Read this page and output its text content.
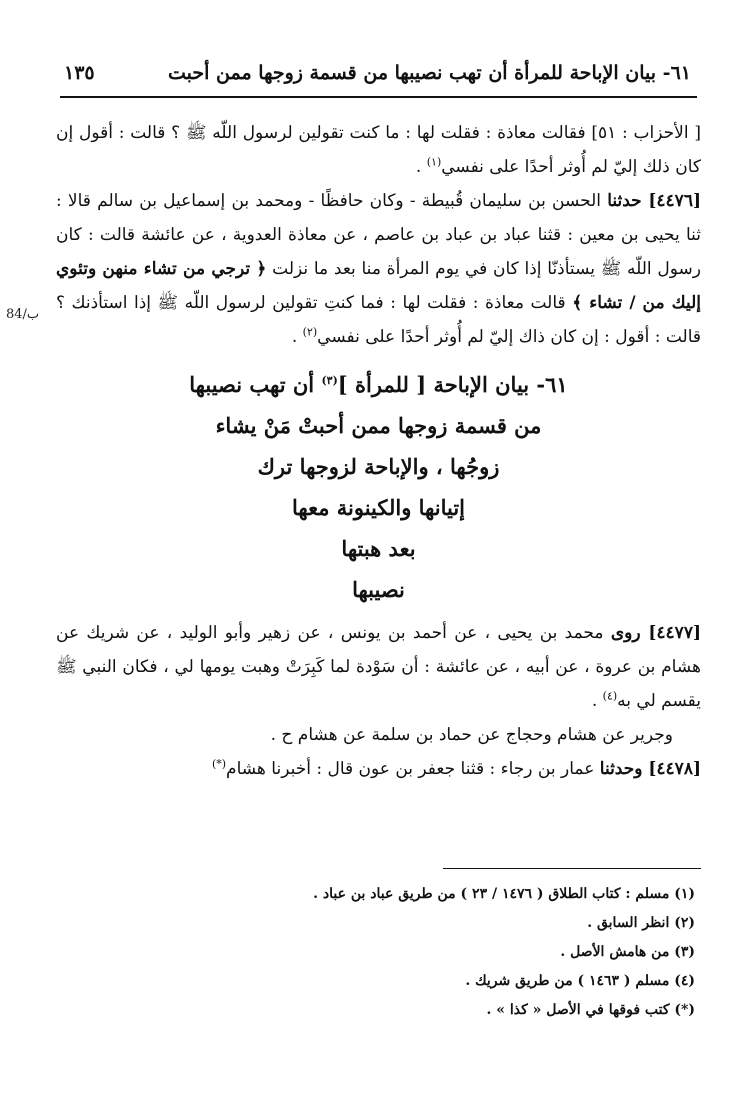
٦١- بيان الإباحة للمرأة أن تهب نصيبها من قسمة زوجها ممن أحبت
١٣٥
84/ب

[ الأحزاب : ٥١] فقالت معاذة : فقلت لها : ما كنت تقولين لرسول اللّه ﷺ ؟ قالت : أقول إن كان ذلك إليّ لم أُوثر أحدًا على نفسي$^{(١)}$ .

[٤٤٧٦] حدثنا الحسن بن سليمان قُبيطة - وكان حافظًا - ومحمد بن إسماعيل بن سالم قالا : ثنا يحيى بن معين : قثنا عباد بن عباد بن عاصم ، عن معاذة العدوية ، عن عائشة قالت : كان رسول اللّه ﷺ يستأذنّا إذا كان في يوم المرأة منا بعد ما نزلت ﴿ ترجي من تشاء منهن وتئوي إليك من / تشاء ﴾ قالت معاذة : فقلت لها : فما كنتِ تقولين لرسول اللّه ﷺ إذا استأذنك ؟ قالت : أقول : إن كان ذاك إليّ لم أُوثر أحدًا على نفسي$^{(٢)}$ .

٦١- بيان الإباحة [ للمرأة ]$^{(٣)}$ أن تهب نصيبها
من قسمة زوجها ممن أحبتْ مَنْ يشاء
زوجُها ، والإباحة لزوجها ترك
إتيانها والكينونة معها
بعد هبتها
نصيبها

[٤٤٧٧] روى محمد بن يحيى ، عن أحمد بن يونس ، عن زهير وأبو الوليد ، عن شريك عن هشام بن عروة ، عن أبيه ، عن عائشة : أن سَوْدة لما كَبِرَتْ وهبت يومها لي ، فكان النبي ﷺ يقسم لي به$^{(٤)}$ .

وجرير عن هشام وحجاج عن حماد بن سلمة عن هشام ح .

[٤٤٧٨] وحدثنا عمار بن رجاء : قثنا جعفر بن عون قال : أخبرنا هشام(*)

(١) مسلم : كتاب الطلاق ( ١٤٧٦ / ٢٣ ) من طريق عباد بن عباد .
(٢) انظر السابق .
(٣) من هامش الأصل .
(٤) مسلم ( ١٤٦٣ ) من طريق شريك .
(*) كتب فوقها في الأصل « كذا » .
